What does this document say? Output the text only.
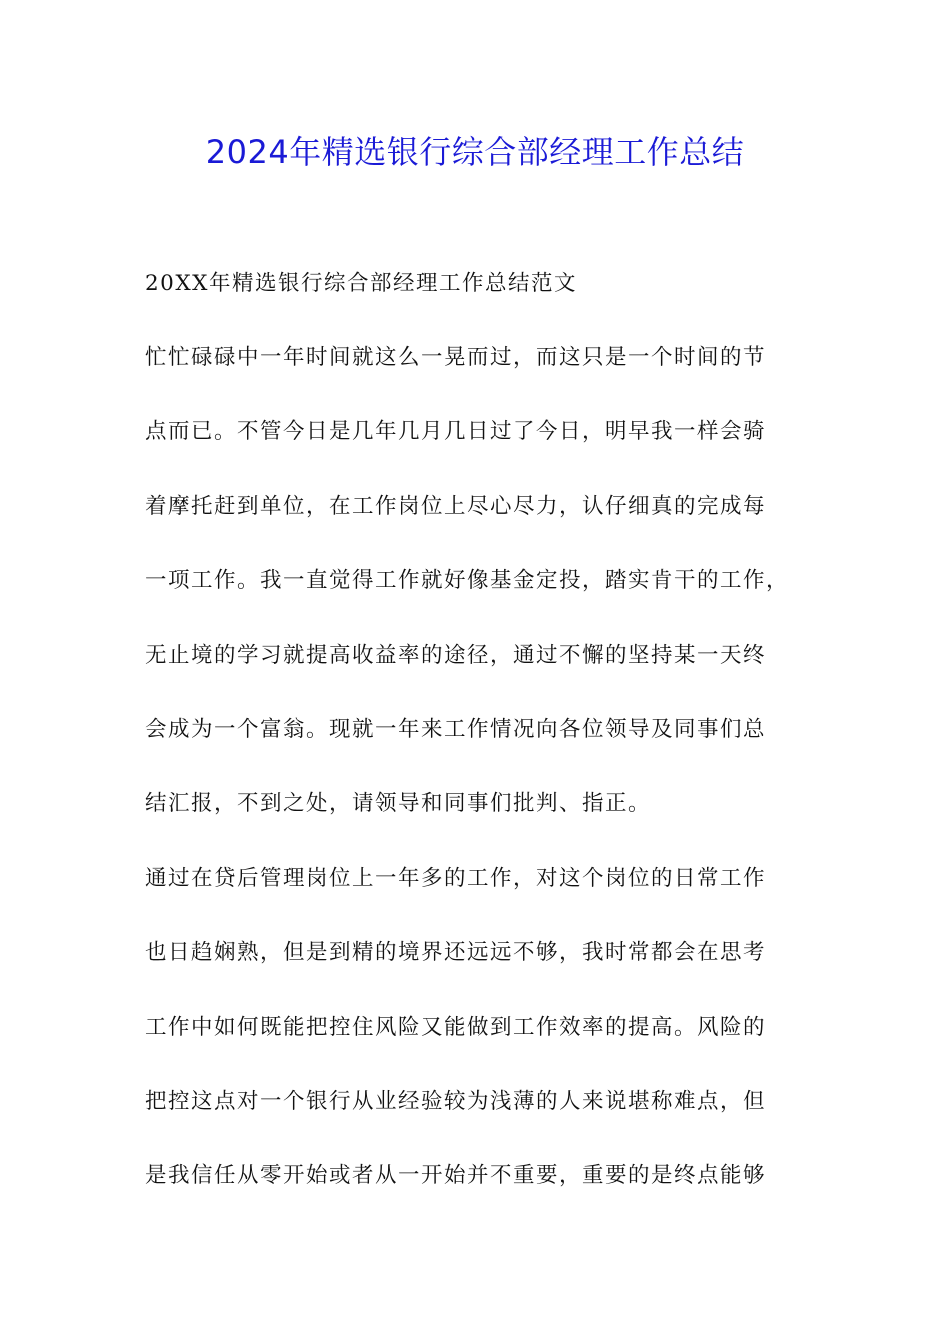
2024年精选银行综合部经理工作总结
20XX年精选银行综合部经理工作总结范文
忙忙碌碌中一年时间就这么一晃而过，而这只是一个时间的节
点而已。不管今日是几年几月几日过了今日，明早我一样会骑
着摩托赶到单位，在工作岗位上尽心尽力，认仔细真的完成每
一项工作。我一直觉得工作就好像基金定投，踏实肯干的工作，
无止境的学习就提高收益率的途径，通过不懈的坚持某一天终
会成为一个富翁。现就一年来工作情况向各位领导及同事们总
结汇报，不到之处，请领导和同事们批判、指正。
通过在贷后管理岗位上一年多的工作，对这个岗位的日常工作
也日趋娴熟，但是到精的境界还远远不够，我时常都会在思考
工作中如何既能把控住风险又能做到工作效率的提高。风险的
把控这点对一个银行从业经验较为浅薄的人来说堪称难点，但
是我信任从零开始或者从一开始并不重要，重要的是终点能够
